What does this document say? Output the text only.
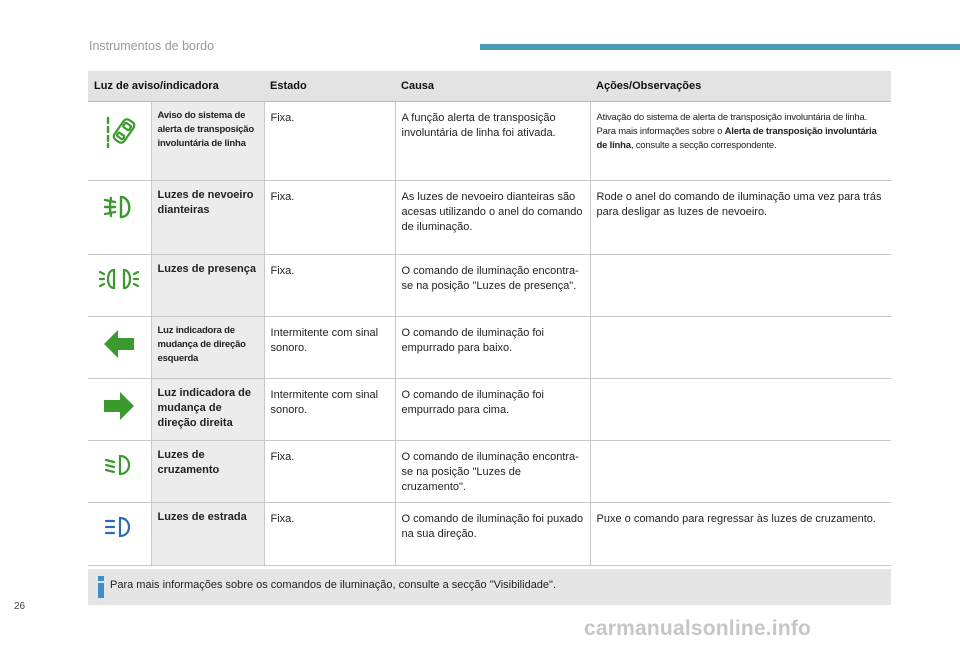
Instrumentos de bordo
Luz de aviso/indicadora		Estado	Causa	Ações/Observações
	Aviso do sistema de alerta de transposição involuntária de linha	Fixa.	A função alerta de transposição involuntária de linha foi ativada.	Ativação do sistema de alerta de transposição involuntária de linha. Para mais informações sobre o Alerta de transposição involuntária de linha, consulte a secção correspondente.
	Luzes de nevoeiro dianteiras	Fixa.	As luzes de nevoeiro dianteiras são acesas utilizando o anel do comando de iluminação.	Rode o anel do comando de iluminação uma vez para trás para desligar as luzes de nevoeiro.
	Luzes de presença	Fixa.	O comando de iluminação encontra-se na posição "Luzes de presença".	
	Luz indicadora de mudança de direção esquerda	Intermitente com sinal sonoro.	O comando de iluminação foi empurrado para baixo.	
	Luz indicadora de mudança de direção direita	Intermitente com sinal sonoro.	O comando de iluminação foi empurrado para cima.	
	Luzes de cruzamento	Fixa.	O comando de iluminação encontra-se na posição "Luzes de cruzamento".	
	Luzes de estrada	Fixa.	O comando de iluminação foi puxado na sua direção.	Puxe o comando para regressar às luzes de cruzamento.
Para mais informações sobre os comandos de iluminação, consulte a secção "Visibilidade".
26
carmanualsonline.info
